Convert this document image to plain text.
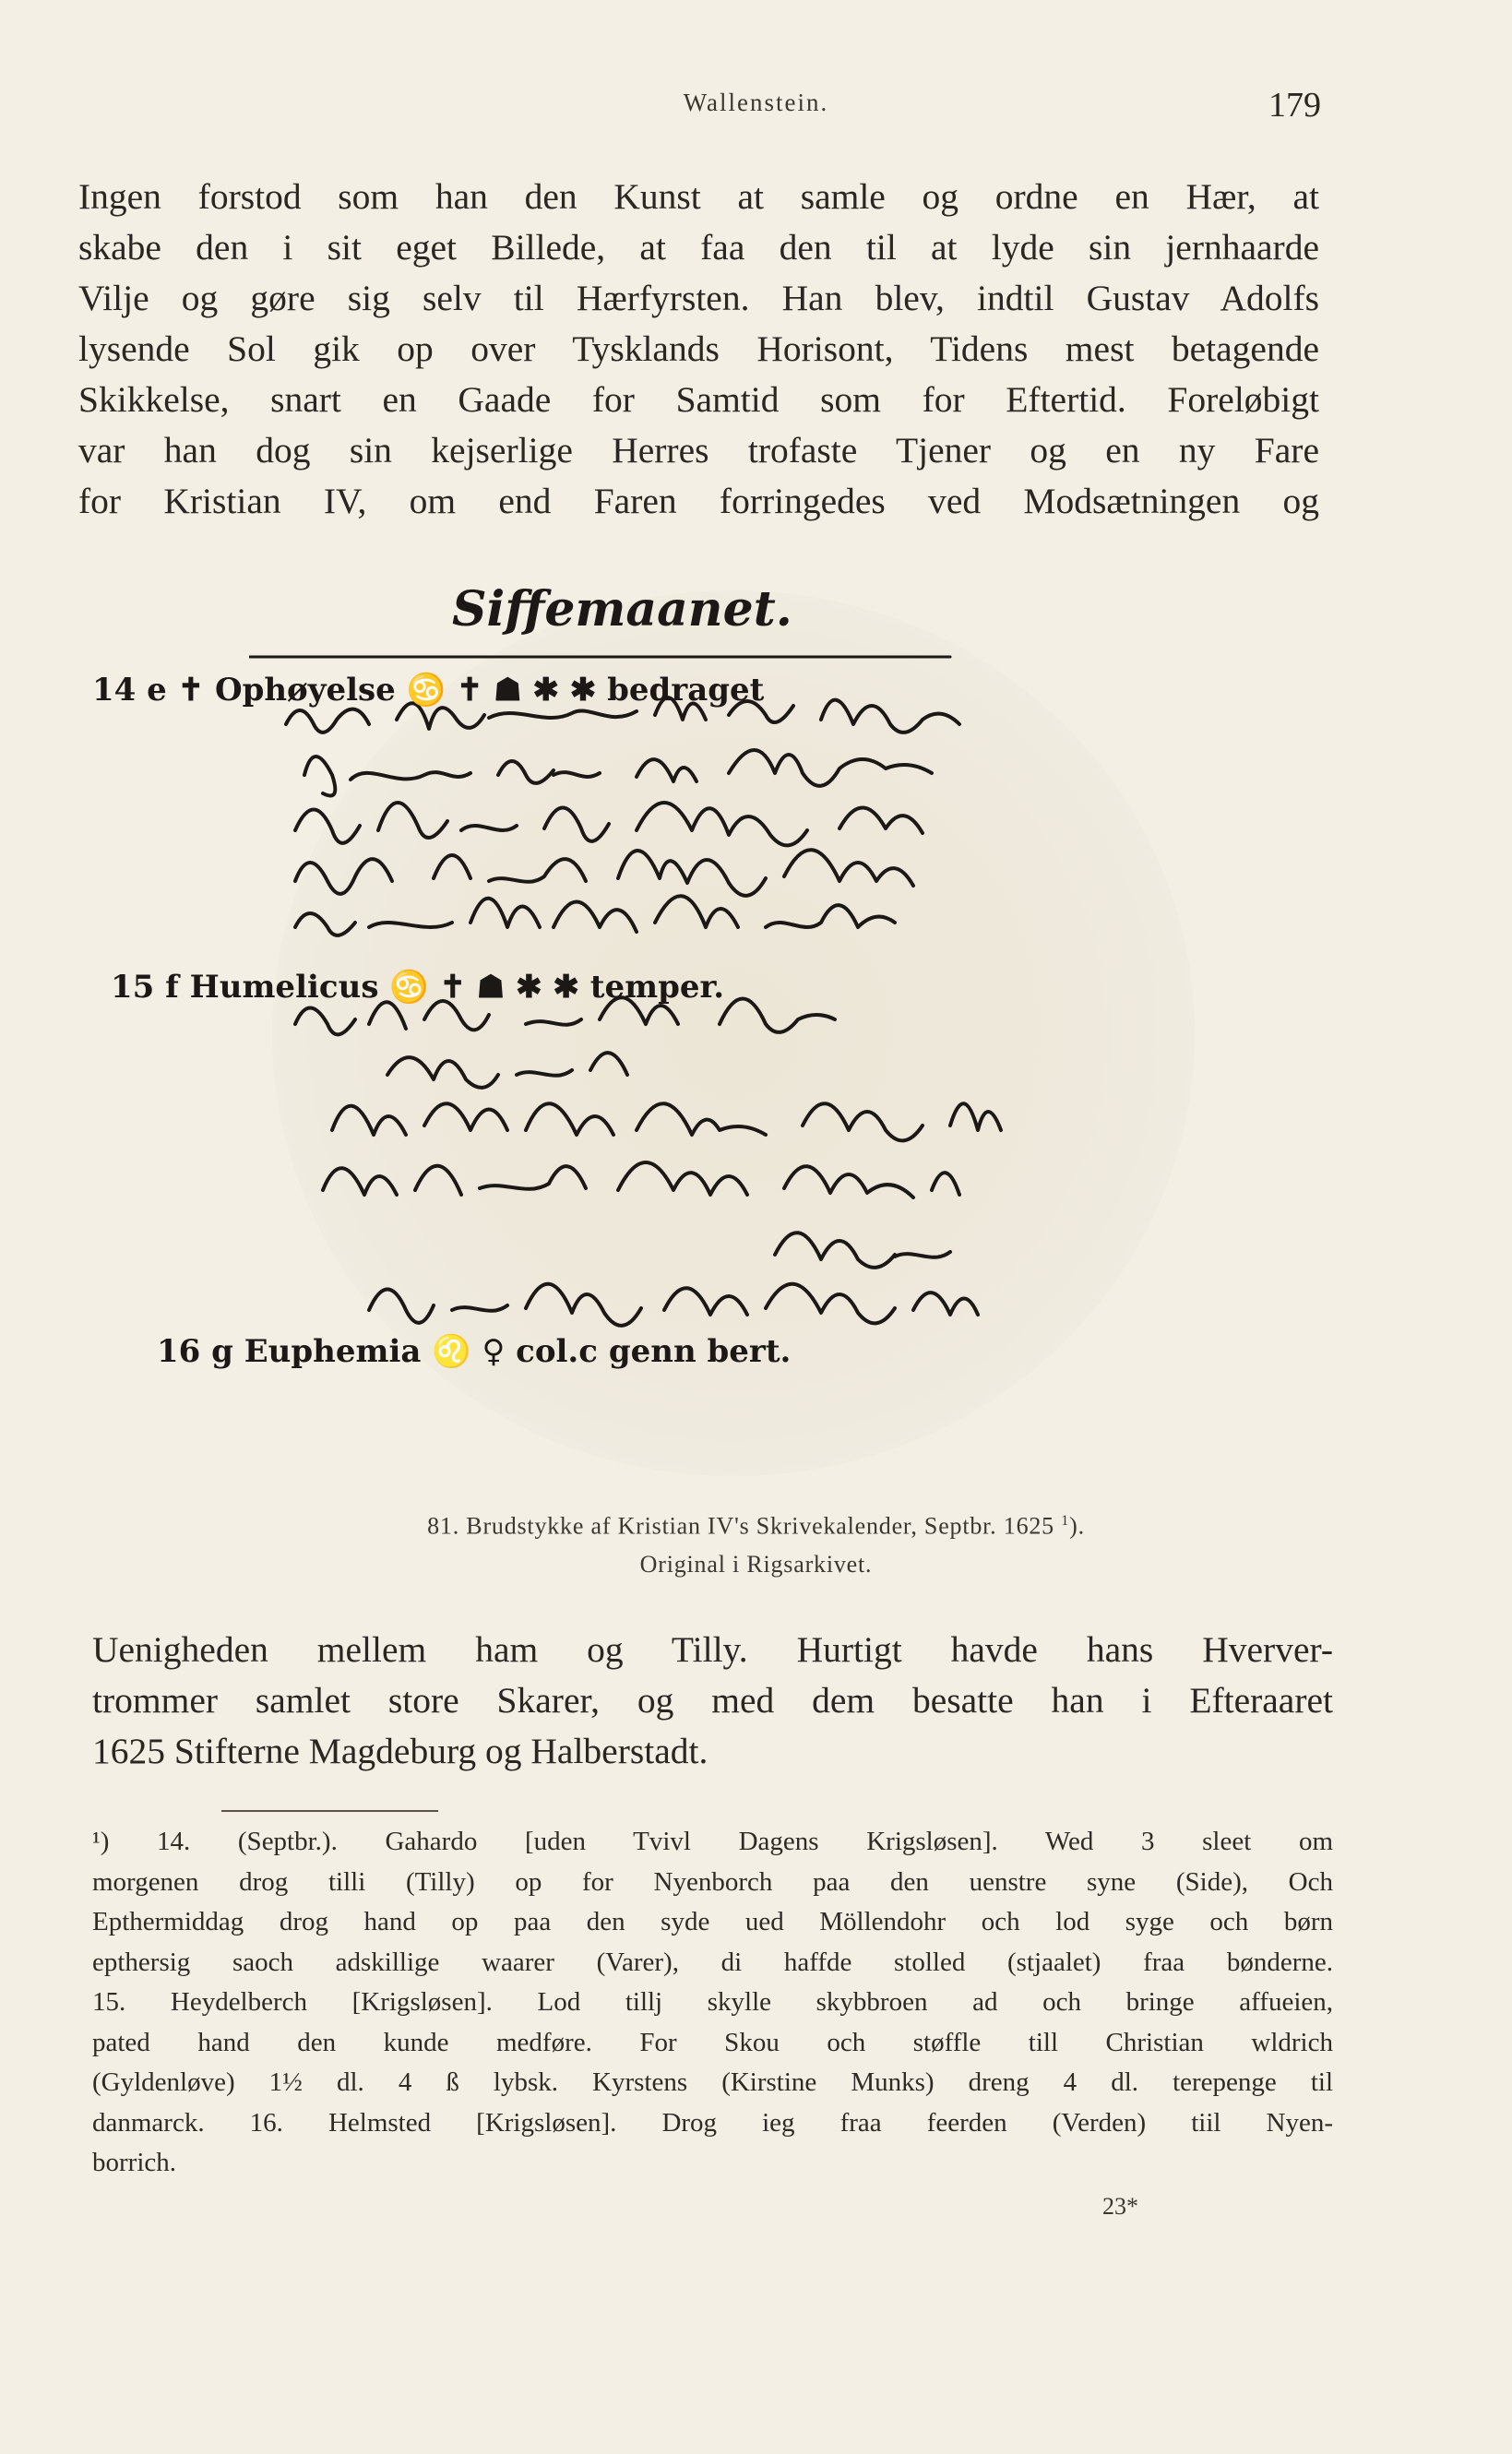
Wallenstein.	179
Ingen forstod som han den Kunst at samle og ordne en Hær, at
skabe den i sit eget Billede, at faa den til at lyde sin jernhaarde
Vilje og gøre sig selv til Hærfyrsten. Han blev, indtil Gustav Adolfs
lysende Sol gik op over Tysklands Horisont, Tidens mest betagende
Skikkelse, snart en Gaade for Samtid som for Eftertid. Foreløbigt
var han dog sin kejserlige Herres trofaste Tjener og en ny Fare
for Kristian IV, om end Faren forringedes ved Modsætningen og
Siffemaanet.
14 e ✝ Ophøyelse ♋ ✝ ☗ ✱ ✱ bedraget
15 f Humelicus ♋ ✝ ☗ ✱ ✱ temper.
16 g Euphemia ♌ ♀ col.c genn bert.
81. Brudstykke af Kristian IV's Skrivekalender, Septbr. 1625 $^1$).
Original i Rigsarkivet.
Uenigheden mellem ham og Tilly. Hurtigt havde hans Hverver-
trommer samlet store Skarer, og med dem besatte han i Efteraaret
1625 Stifterne Magdeburg og Halberstadt.
¹) 14. (Septbr.). Gahardo [uden Tvivl Dagens Krigsløsen]. Wed 3 sleet om
morgenen drog tilli (Tilly) op for Nyenborch paa den uenstre syne (Side), Och
Epthermiddag drog hand op paa den syde ued Möllendohr och lod syge och børn
epthersig saoch adskillige waarer (Varer), di haffde stolled (stjaalet) fraa bønderne.
15. Heydelberch [Krigsløsen]. Lod tillj skylle skybbroen ad och bringe affueien,
pated hand den kunde medføre. For Skou och støffle till Christian wldrich
(Gyldenløve) 1½ dl. 4 ß lybsk. Kyrstens (Kirstine Munks) dreng 4 dl. terepenge til
danmarck. 16. Helmsted [Krigsløsen]. Drog ieg fraa feerden (Verden) tiil Nyen-
borrich.
23*
